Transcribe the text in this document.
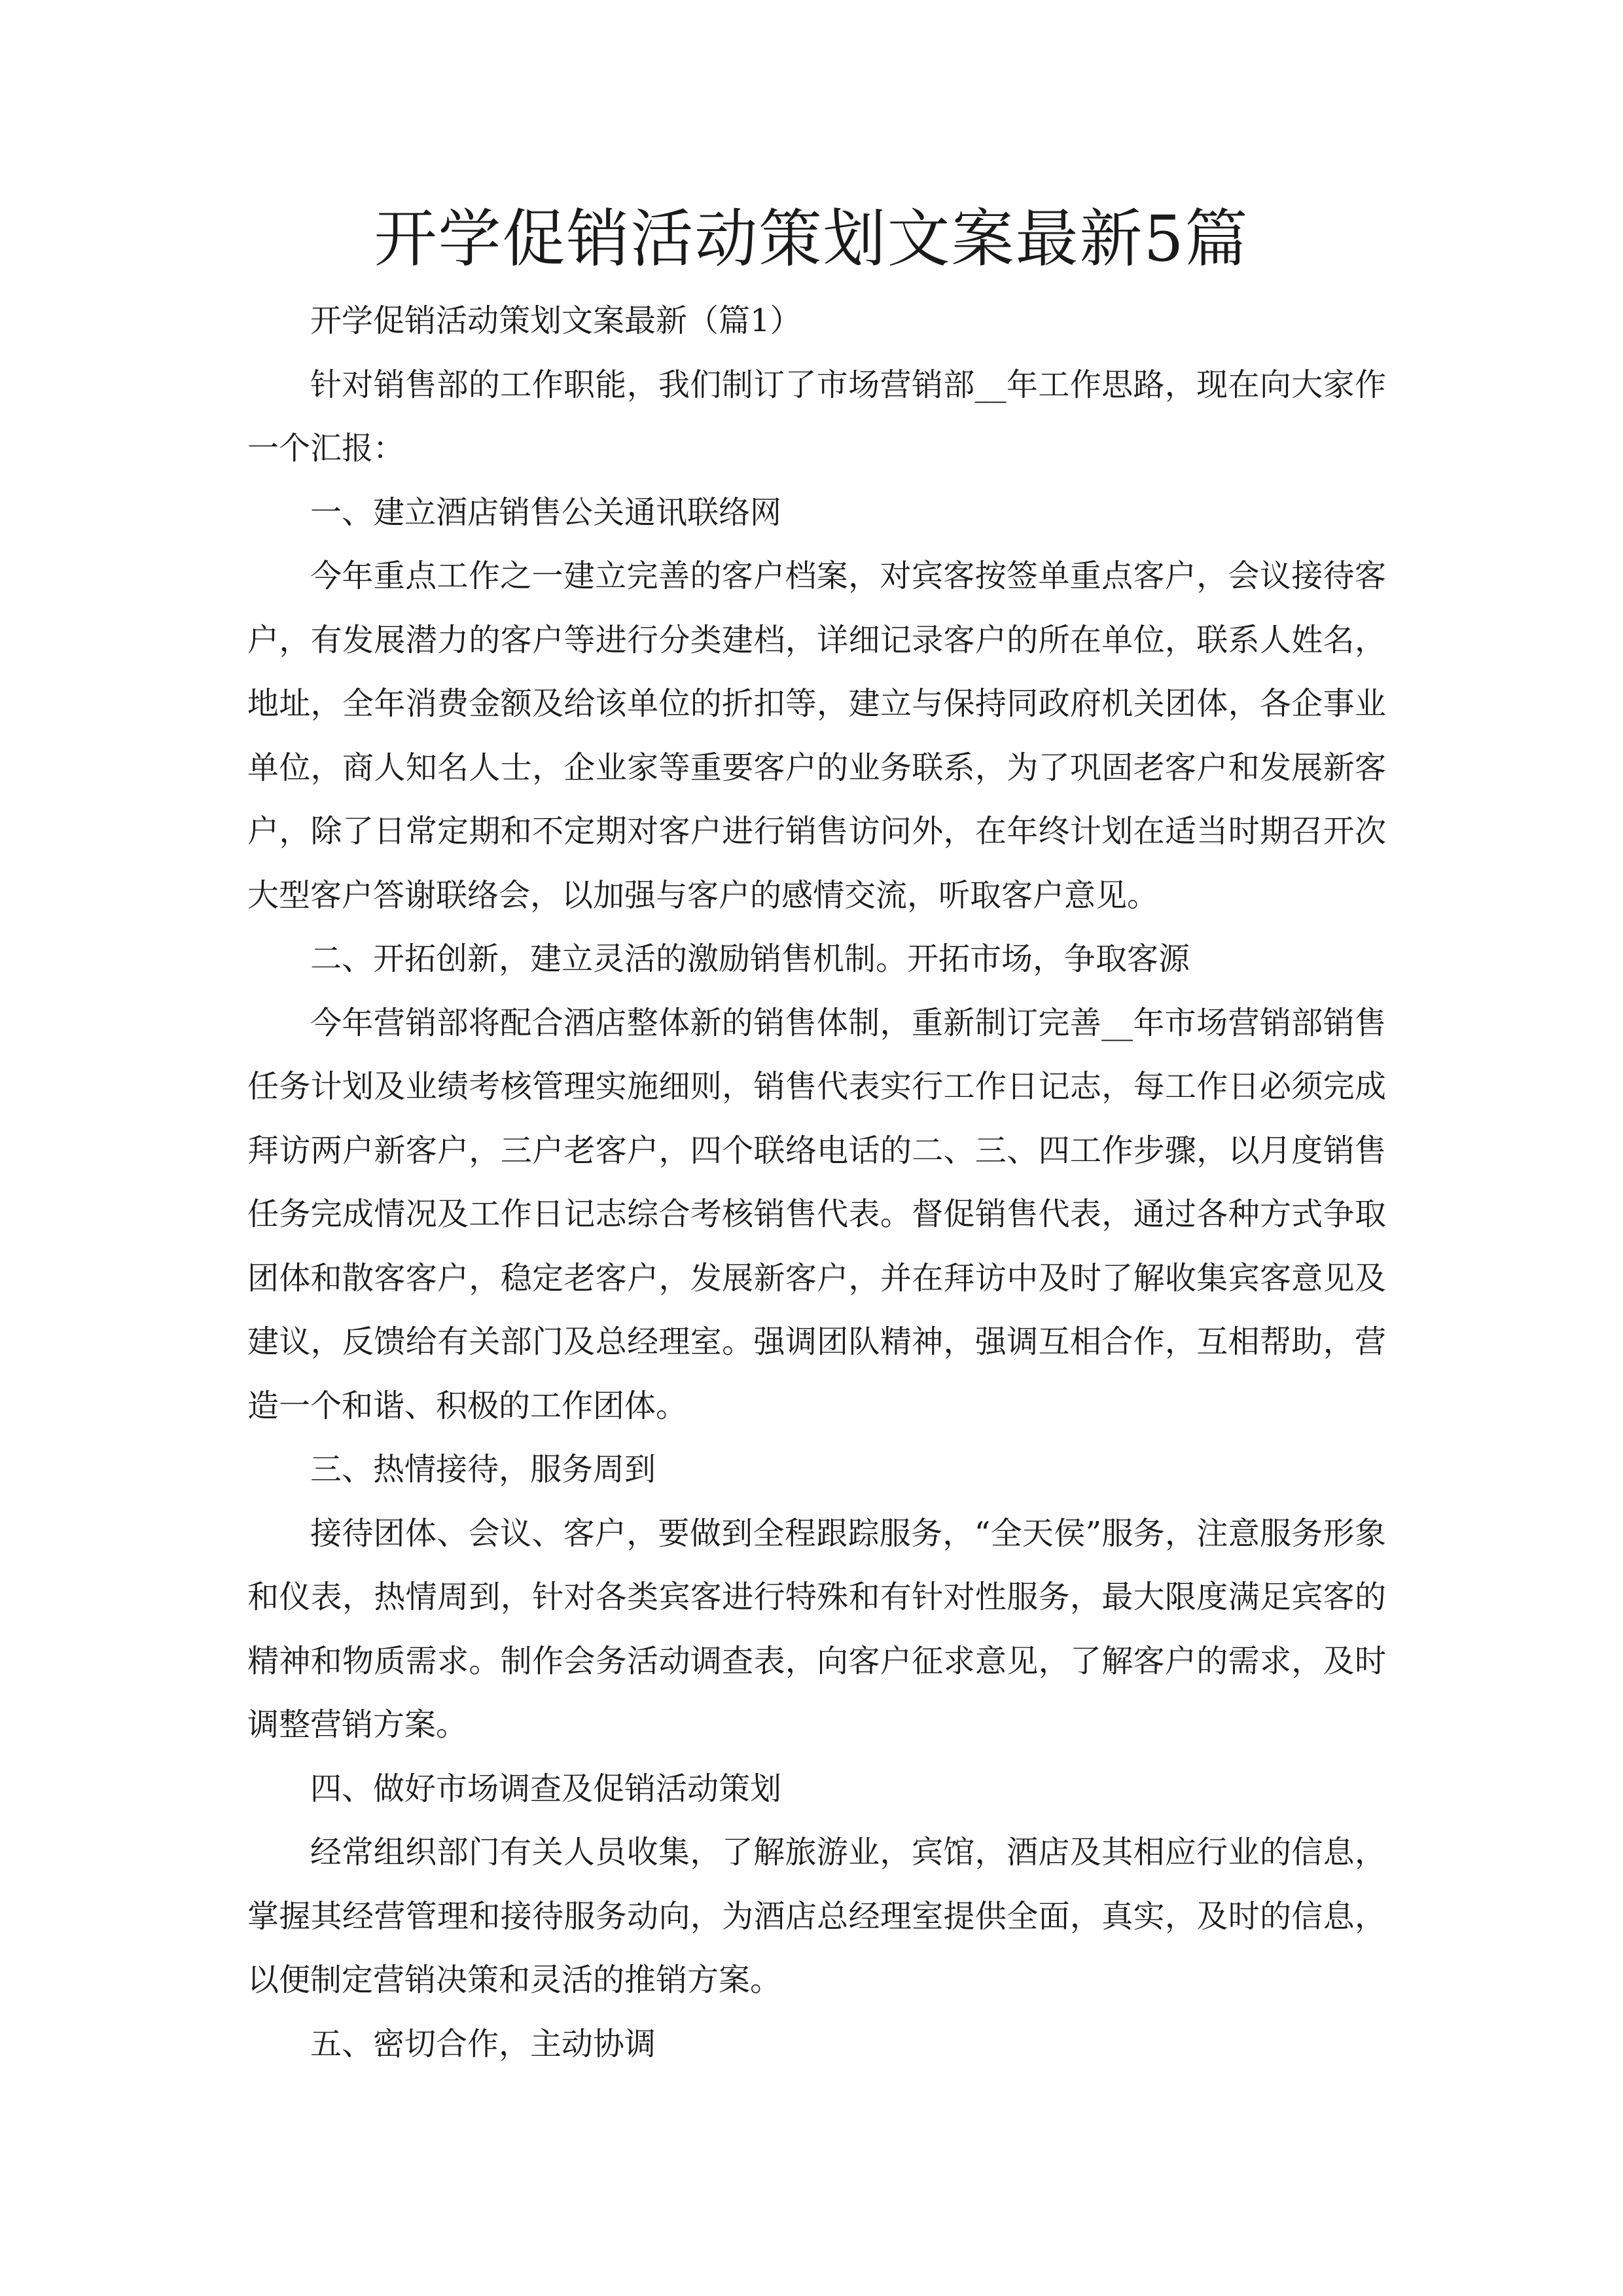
开学促销活动策划文案最新5篇

开学促销活动策划文案最新（篇1）

针对销售部的工作职能，我们制订了市场营销部__年工作思路，现在向大家作一个汇报：

一、建立酒店销售公关通讯联络网

今年重点工作之一建立完善的客户档案，对宾客按签单重点客户，会议接待客户，有发展潜力的客户等进行分类建档，详细记录客户的所在单位，联系人姓名，地址，全年消费金额及给该单位的折扣等，建立与保持同政府机关团体，各企事业单位，商人知名人士，企业家等重要客户的业务联系，为了巩固老客户和发展新客户，除了日常定期和不定期对客户进行销售访问外，在年终计划在适当时期召开次大型客户答谢联络会，以加强与客户的感情交流，听取客户意见。

二、开拓创新，建立灵活的激励销售机制。开拓市场，争取客源

今年营销部将配合酒店整体新的销售体制，重新制订完善__年市场营销部销售任务计划及业绩考核管理实施细则，销售代表实行工作日记志，每工作日必须完成拜访两户新客户，三户老客户，四个联络电话的二、三、四工作步骤，以月度销售任务完成情况及工作日记志综合考核销售代表。督促销售代表，通过各种方式争取团体和散客客户，稳定老客户，发展新客户，并在拜访中及时了解收集宾客意见及建议，反馈给有关部门及总经理室。强调团队精神，强调互相合作，互相帮助，营造一个和谐、积极的工作团体。

三、热情接待，服务周到

接待团体、会议、客户，要做到全程跟踪服务，“全天侯”服务，注意服务形象和仪表，热情周到，针对各类宾客进行特殊和有针对性服务，最大限度满足宾客的精神和物质需求。制作会务活动调查表，向客户征求意见，了解客户的需求，及时调整营销方案。

四、做好市场调查及促销活动策划

经常组织部门有关人员收集，了解旅游业，宾馆，酒店及其相应行业的信息，掌握其经营管理和接待服务动向，为酒店总经理室提供全面，真实，及时的信息，以便制定营销决策和灵活的推销方案。

五、密切合作，主动协调
